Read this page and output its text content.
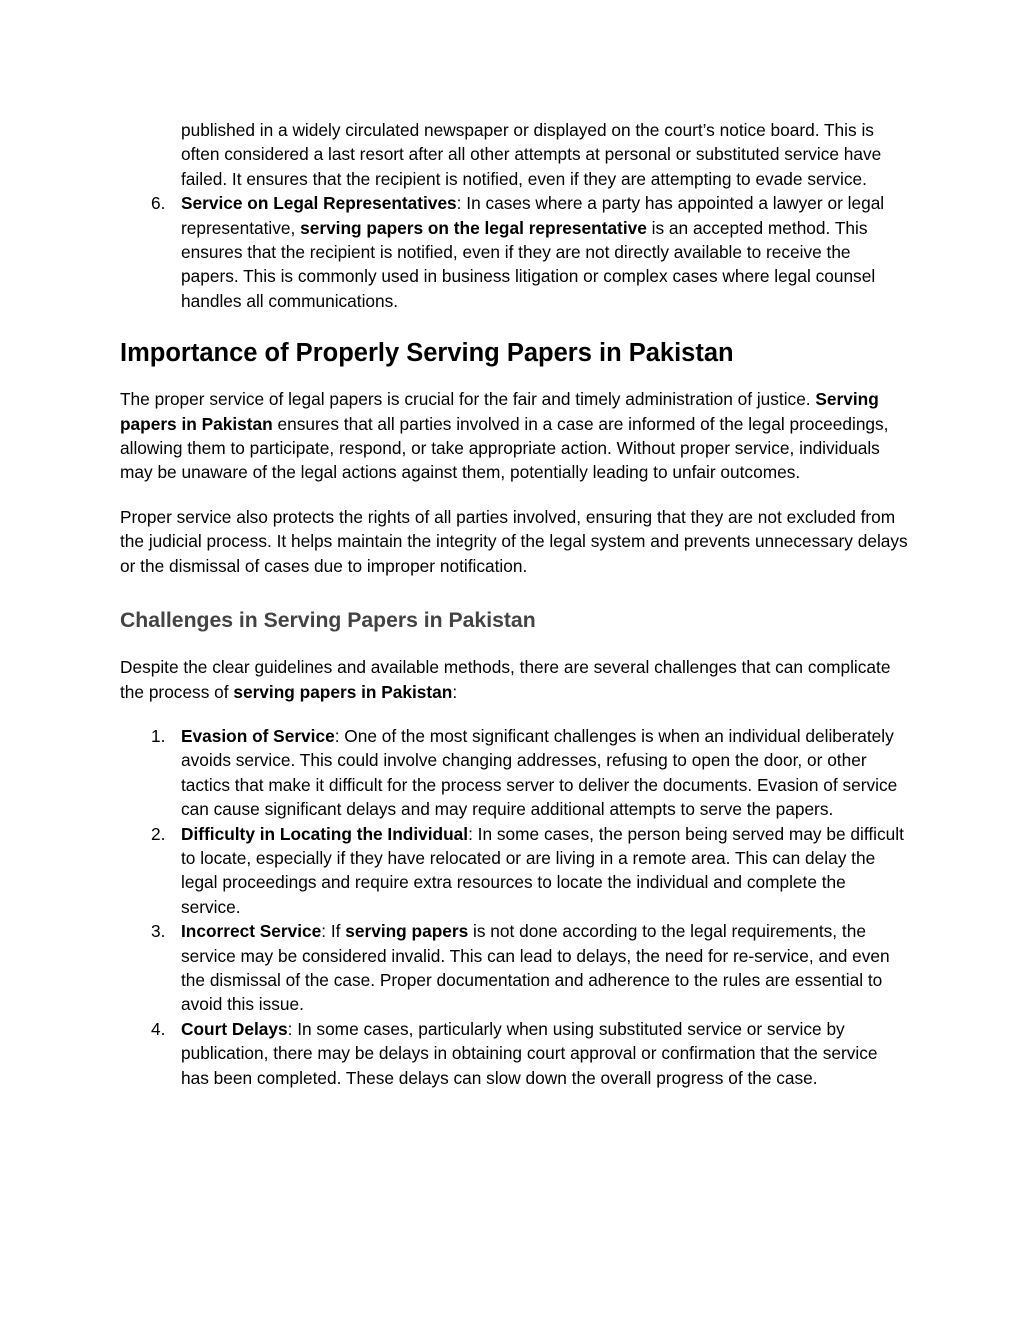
published in a widely circulated newspaper or displayed on the court’s notice board. This is often considered a last resort after all other attempts at personal or substituted service have failed. It ensures that the recipient is notified, even if they are attempting to evade service.
6. Service on Legal Representatives: In cases where a party has appointed a lawyer or legal representative, serving papers on the legal representative is an accepted method. This ensures that the recipient is notified, even if they are not directly available to receive the papers. This is commonly used in business litigation or complex cases where legal counsel handles all communications.
Importance of Properly Serving Papers in Pakistan

The proper service of legal papers is crucial for the fair and timely administration of justice. Serving papers in Pakistan ensures that all parties involved in a case are informed of the legal proceedings, allowing them to participate, respond, or take appropriate action. Without proper service, individuals may be unaware of the legal actions against them, potentially leading to unfair outcomes.

Proper service also protects the rights of all parties involved, ensuring that they are not excluded from the judicial process. It helps maintain the integrity of the legal system and prevents unnecessary delays or the dismissal of cases due to improper notification.

Challenges in Serving Papers in Pakistan

Despite the clear guidelines and available methods, there are several challenges that can complicate the process of serving papers in Pakistan:

1. Evasion of Service: One of the most significant challenges is when an individual deliberately avoids service. This could involve changing addresses, refusing to open the door, or other tactics that make it difficult for the process server to deliver the documents. Evasion of service can cause significant delays and may require additional attempts to serve the papers.
2. Difficulty in Locating the Individual: In some cases, the person being served may be difficult to locate, especially if they have relocated or are living in a remote area. This can delay the legal proceedings and require extra resources to locate the individual and complete the service.
3. Incorrect Service: If serving papers is not done according to the legal requirements, the service may be considered invalid. This can lead to delays, the need for re-service, and even the dismissal of the case. Proper documentation and adherence to the rules are essential to avoid this issue.
4. Court Delays: In some cases, particularly when using substituted service or service by publication, there may be delays in obtaining court approval or confirmation that the service has been completed. These delays can slow down the overall progress of the case.
